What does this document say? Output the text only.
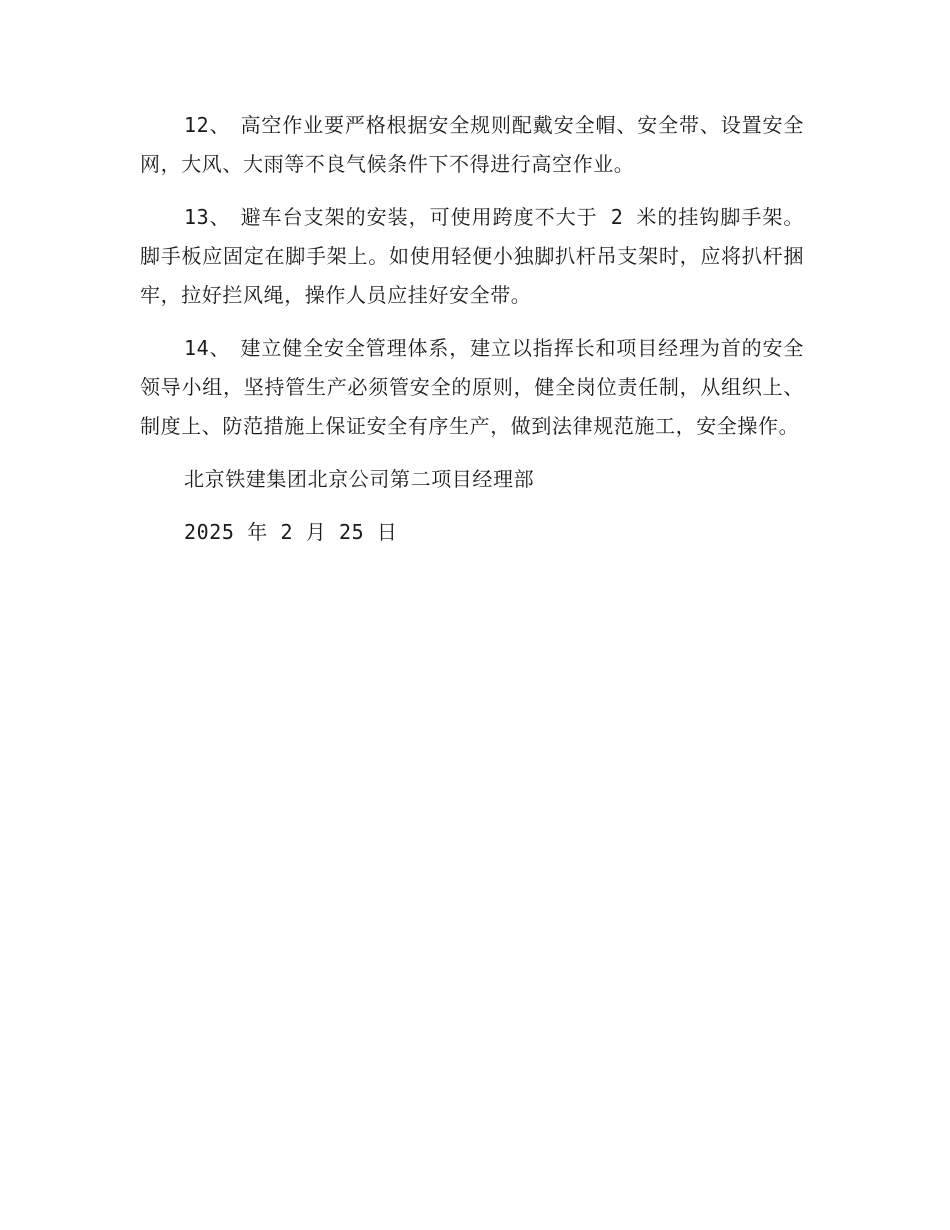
12、 高空作业要严格根据安全规则配戴安全帽、安全带、设置安全网，大风、大雨等不良气候条件下不得进行高空作业。

13、 避车台支架的安装，可使用跨度不大于 2 米的挂钩脚手架。脚手板应固定在脚手架上。如使用轻便小独脚扒杆吊支架时，应将扒杆捆牢，拉好拦风绳，操作人员应挂好安全带。

14、 建立健全安全管理体系，建立以指挥长和项目经理为首的安全领导小组，坚持管生产必须管安全的原则，健全岗位责任制，从组织上、制度上、防范措施上保证安全有序生产，做到法律规范施工，安全操作。

北京铁建集团北京公司第二项目经理部

2025 年 2 月 25 日
